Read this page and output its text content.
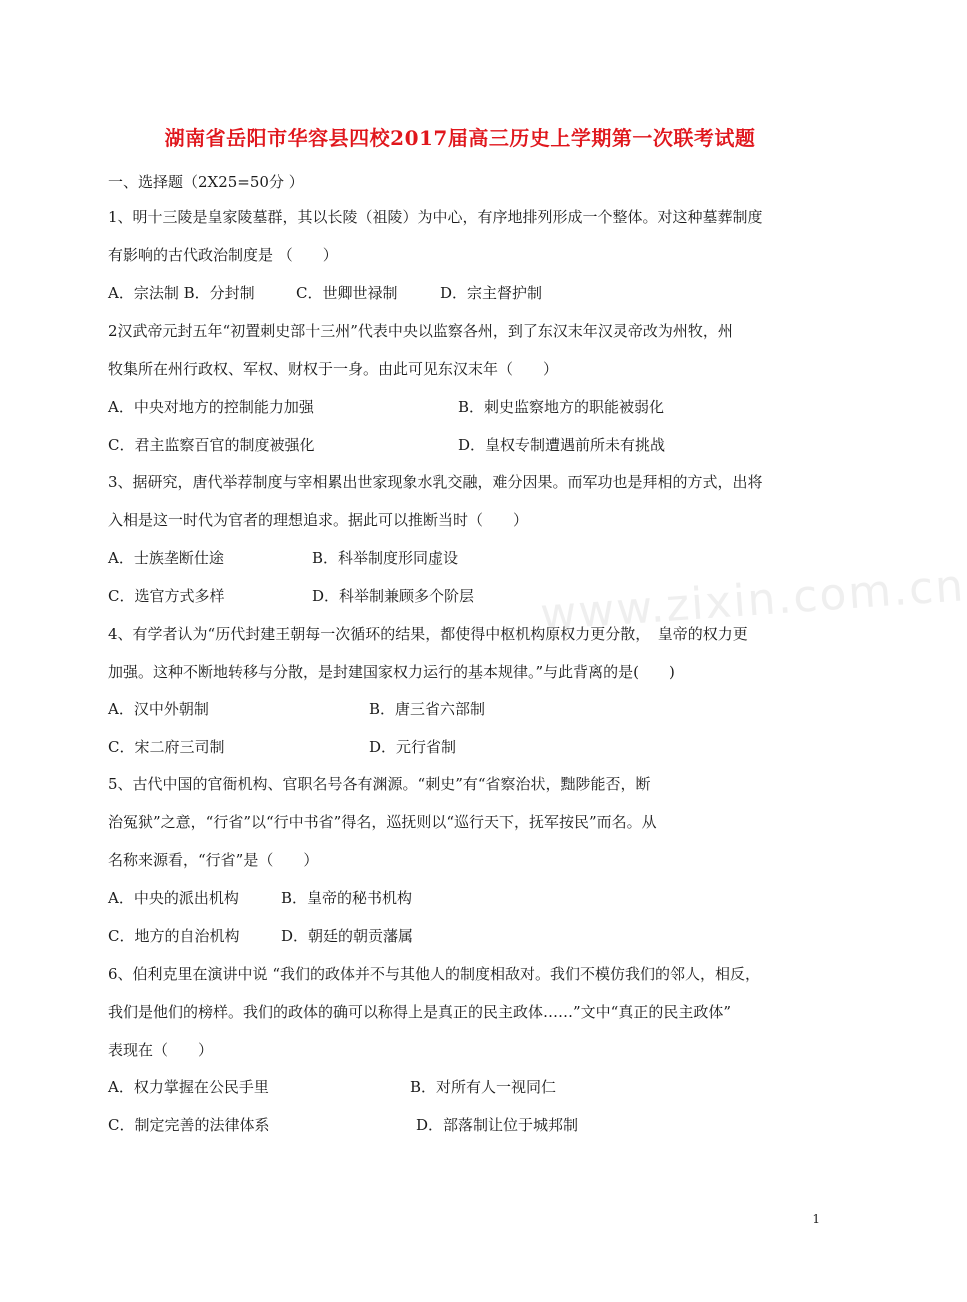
湖南省岳阳市华容县四校2017届高三历史上学期第一次联考试题
一、选择题（2X25=50分 ）
1、明十三陵是皇家陵墓群，其以长陵（祖陵）为中心，有序地排列形成一个整体。对这种墓葬制度
有影响的古代政治制度是 （　　）
A．宗法制 B．分封制	C．世卿世禄制	D．宗主督护制
2汉武帝元封五年“初置刺史部十三州”代表中央以监察各州，到了东汉末年汉灵帝改为州牧，州
牧集所在州行政权、军权、财权于一身。由此可见东汉末年（　　）
A．中央对地方的控制能力加强	B．刺史监察地方的职能被弱化
C．君主监察百官的制度被强化	D．皇权专制遭遇前所未有挑战
3、据研究，唐代举荐制度与宰相累出世家现象水乳交融，难分因果。而军功也是拜相的方式，出将
入相是这一时代为官者的理想追求。据此可以推断当时（　　）
A．士族垄断仕途	B．科举制度形同虚设
C．选官方式多样	D．科举制兼顾多个阶层
4、有学者认为“历代封建王朝每一次循环的结果，都使得中枢机构原权力更分散，　皇帝的权力更
加强。这种不断地转移与分散，是封建国家权力运行的基本规律。”与此背离的是(　　)
A．汉中外朝制	B．唐三省六部制
C．宋二府三司制	D．元行省制
5、古代中国的官衙机构、官职名号各有渊源。“刺史”有“省察治状，黜陟能否，断
治冤狱”之意，“行省”以“行中书省”得名，巡抚则以“巡行天下，抚军按民”而名。从
名称来源看，“行省”是（　　）
A．中央的派出机构	B．皇帝的秘书机构
C．地方的自治机构	D．朝廷的朝贡藩属
6、伯利克里在演讲中说 “我们的政体并不与其他人的制度相敌对。我们不模仿我们的邻人，相反，
我们是他们的榜样。我们的政体的确可以称得上是真正的民主政体……”文中“真正的民主政体”
表现在（　　）
A．权力掌握在公民手里	B．对所有人一视同仁
C．制定完善的法律体系	D．部落制让位于城邦制
www.zixin.com.cn
1
